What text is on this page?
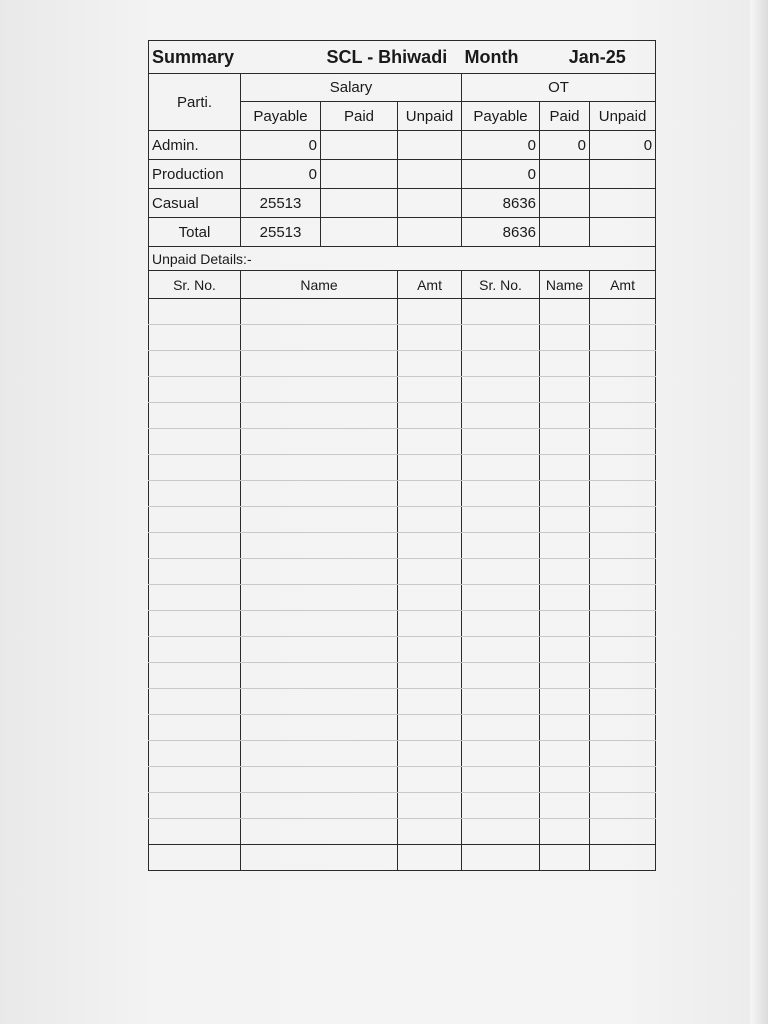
Summary		SCL - Bhiwadi		Month	Jan-25	
Parti.	Salary			OT		
	Payable	Paid	Unpaid	Payable	Paid	Unpaid
Admin.	0			0	0	0
Production	0			0		
Casual	25513			8636		
Total	25513			8636		
Unpaid Details:-						
Sr. No.	Name		Amt	Sr. No.	Name	Amt
